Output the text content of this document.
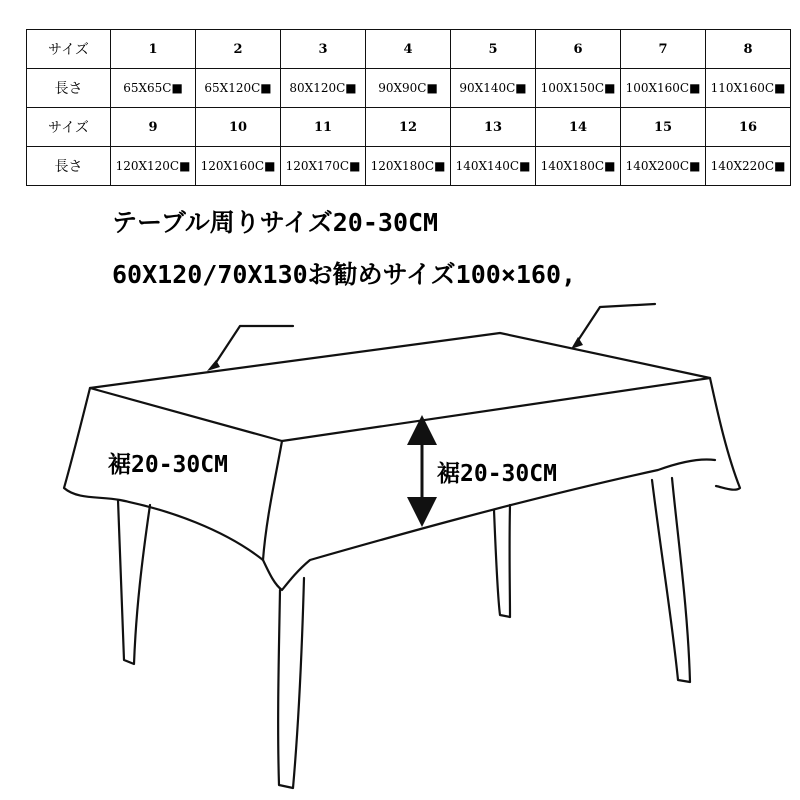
サイズ	1	2	3	4	5	6	7	8
長さ	65X65C■	65X120C■	80X120C■	90X90C■	90X140C■	100X150C■	100X160C■	110X160C■
サイズ	9	10	11	12	13	14	15	16
長さ	120X120C■	120X160C■	120X170C■	120X180C■	140X140C■	140X180C■	140X200C■	140X220C■

テーブル周りサイズ20-30CM

60X120/70X130お勧めサイズ100×160,

裾20-30CM	裾20-30CM
